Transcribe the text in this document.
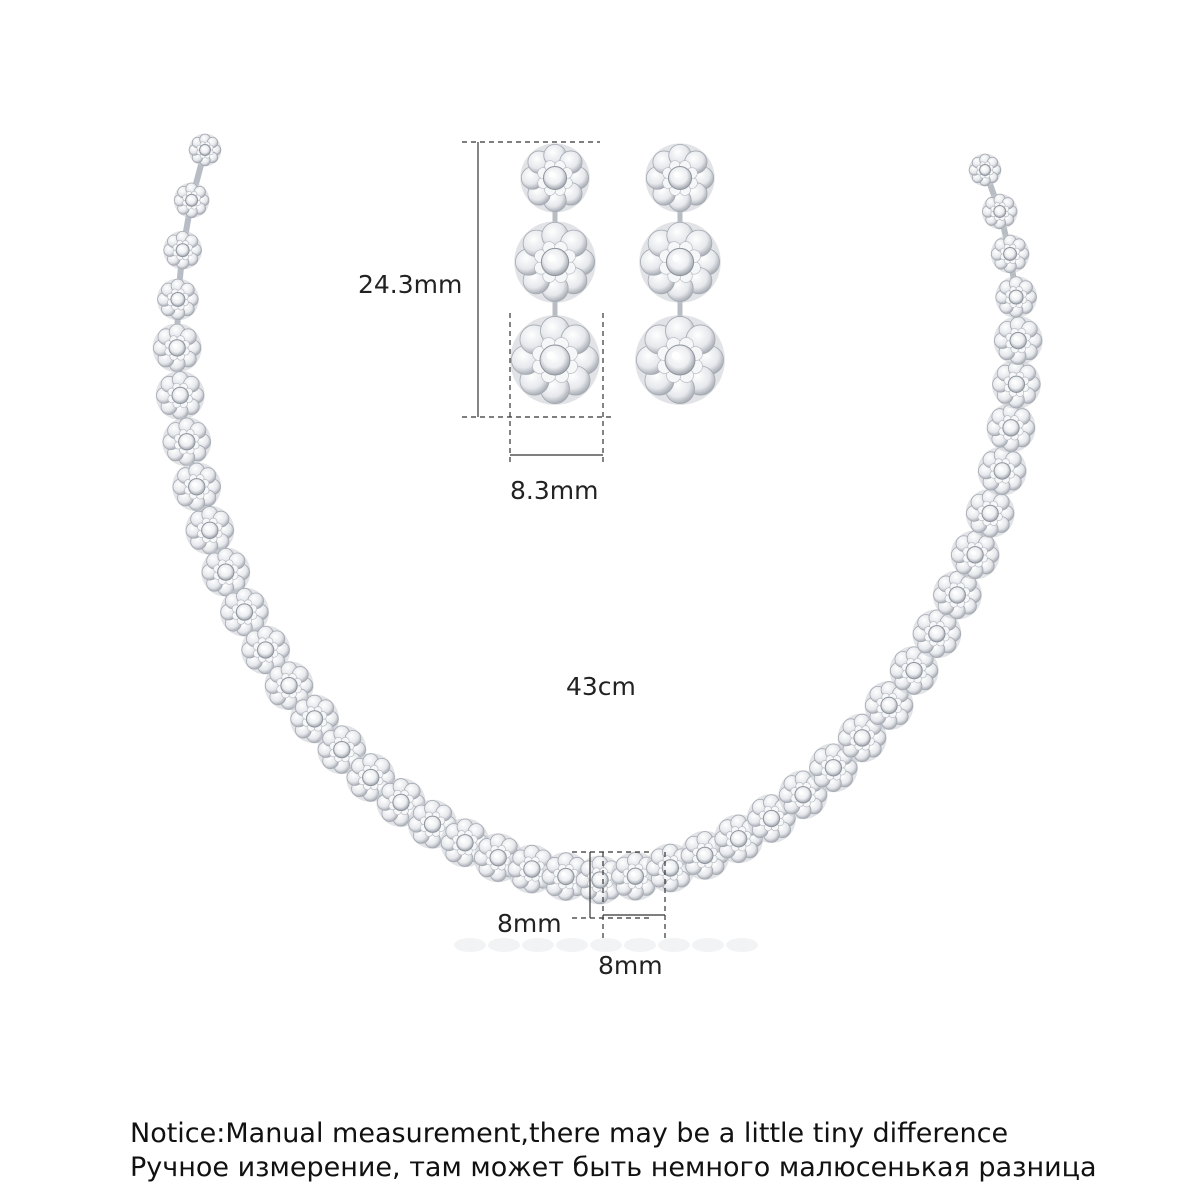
24.3mm
8.3mm
43cm
8mm
8mm
Notice:Manual measurement,there may be a little tiny difference
Ручное измерение, там может быть немного малюсенькая разница
